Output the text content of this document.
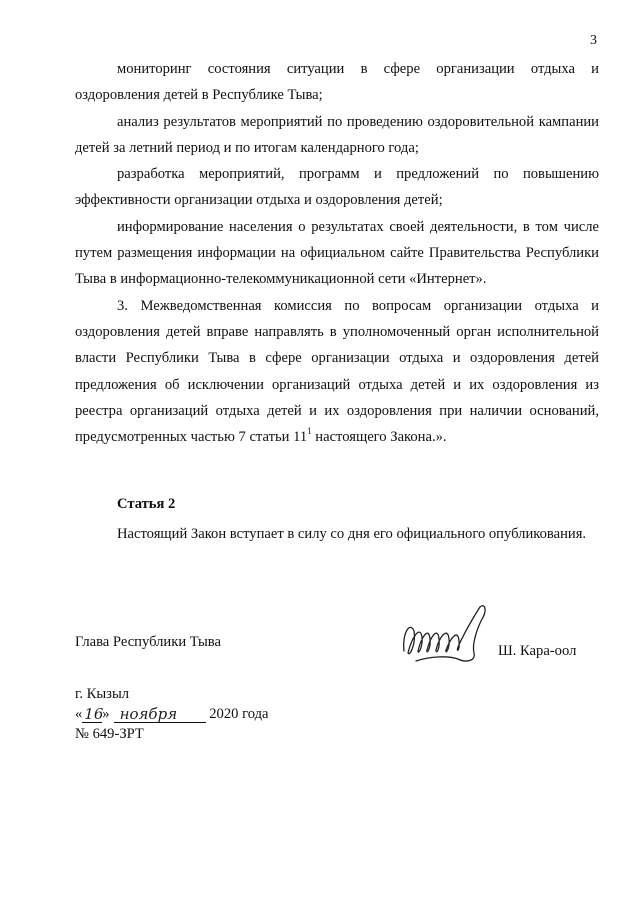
3

мониторинг состояния ситуации в сфере организации отдыха и оздоровления детей в Республике Тыва;

анализ результатов мероприятий по проведению оздоровительной кампании детей за летний период и по итогам календарного года;

разработка мероприятий, программ и предложений по повышению эффективности организации отдыха и оздоровления детей;

информирование населения о результатах своей деятельности, в том числе путем размещения информации на официальном сайте Правительства Республики Тыва в информационно-телекоммуникационной сети «Интернет».

3. Межведомственная комиссия по вопросам организации отдыха и оздоровления детей вправе направлять в уполномоченный орган исполнительной власти Республики Тыва в сфере организации отдыха и оздоровления детей предложения об исключении организаций отдыха детей и их оздоровления из реестра организаций отдыха детей и их оздоровления при наличии оснований, предусмотренных частью 7 статьи $11^1$ настоящего Закона.».

Статья 2

Настоящий Закон вступает в силу со дня его официального опубликования.

Глава Республики Тыва
Ш. Кара-оол
г. Кызыл
« 16
» ноября 2020 года
№ 649-ЗРТ
